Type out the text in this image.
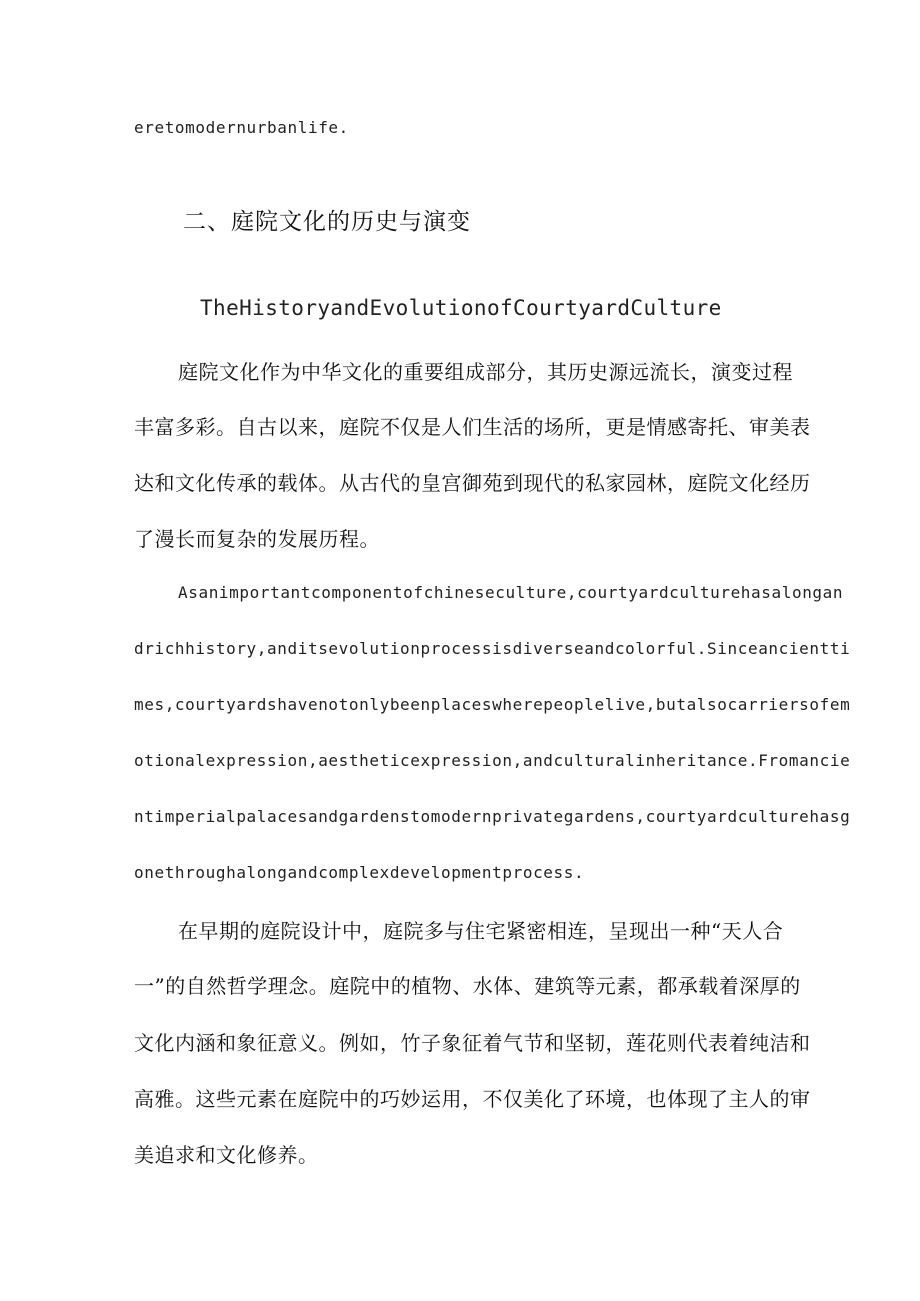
eretomodernurbanlife.

二、庭院文化的历史与演变
TheHistoryandEvolutionofCourtyardCulture

庭院文化作为中华文化的重要组成部分，其历史源远流长，演变过程

丰富多彩。自古以来，庭院不仅是人们生活的场所，更是情感寄托、审美表

达和文化传承的载体。从古代的皇宫御苑到现代的私家园林，庭院文化经历

了漫长而复杂的发展历程。

Asanimportantcomponentofchineseculture,courtyardculturehasalongan

drichhistory,anditsevolutionprocessisdiverseandcolorful.Sinceancientti

mes,courtyardshavenotonlybeenplaceswherepeoplelive,butalsocarriersofem

otionalexpression,aestheticexpression,andculturalinheritance.Fromancie

ntimperialpalacesandgardenstomodernprivategardens,courtyardculturehasg

onethroughalongandcomplexdevelopmentprocess.

在早期的庭院设计中，庭院多与住宅紧密相连，呈现出一种“天人合

一”的自然哲学理念。庭院中的植物、水体、建筑等元素，都承载着深厚的

文化内涵和象征意义。例如，竹子象征着气节和坚韧，莲花则代表着纯洁和

高雅。这些元素在庭院中的巧妙运用，不仅美化了环境，也体现了主人的审

美追求和文化修养。
